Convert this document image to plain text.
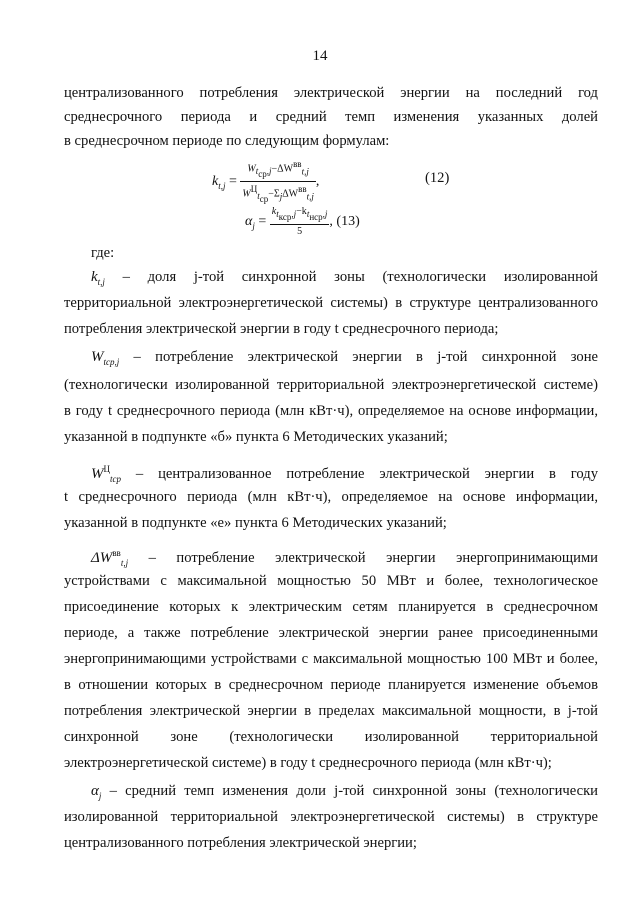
14
централизованного потребления электрической энергии на последний год
среднесрочного периода и средний темп изменения указанных долей
в среднесрочном периоде по следующим формулам:
$k_{t,j} = \frac{W_{t_{ср},j}-\Delta W^{вв}_{t,j}}{W^Ц_{t_{ср}}-\Sigma_j\Delta W^{вв}_{t,j}}$ ,	(12)
$\alpha_j = \frac{k_{t_{кср},j}-k_{t_{нср},j}}{5}$ , (13)
где:
$k_{t,j}$ – доля j-той синхронной зоны (технологически изолированной
территориальной электроэнергетической системы) в структуре централизованного
потребления электрической энергии в году t среднесрочного периода;
$W_{tср,j}$ – потребление электрической энергии в j-той синхронной зоне
(технологически изолированной территориальной электроэнергетической системе)
в году t среднесрочного периода (млн кВт·ч), определяемое на основе информации,
указанной в подпункте «б» пункта 6 Методических указаний;
$W^Ц_{tср}$ – централизованное потребление электрической энергии в году
t среднесрочного периода (млн кВт·ч), определяемое на основе информации,
указанной в подпункте «е» пункта 6 Методических указаний;
$\Delta W^{вв}_{t,j}$ – потребление электрической энергии энергопринимающими
устройствами с максимальной мощностью 50 МВт и более, технологическое
присоединение которых к электрическим сетям планируется в среднесрочном
периоде, а также потребление электрической энергии ранее присоединенными
энергопринимающими устройствами с максимальной мощностью 100 МВт и более,
в отношении которых в среднесрочном периоде планируется изменение объемов
потребления электрической энергии в пределах максимальной мощности, в j-той
синхронной зоне (технологически изолированной территориальной
электроэнергетической системе) в году t среднесрочного периода (млн кВт·ч);
$\alpha_j$ – средний темп изменения доли j-той синхронной зоны (технологически
изолированной территориальной электроэнергетической системы) в структуре
централизованного потребления электрической энергии;
